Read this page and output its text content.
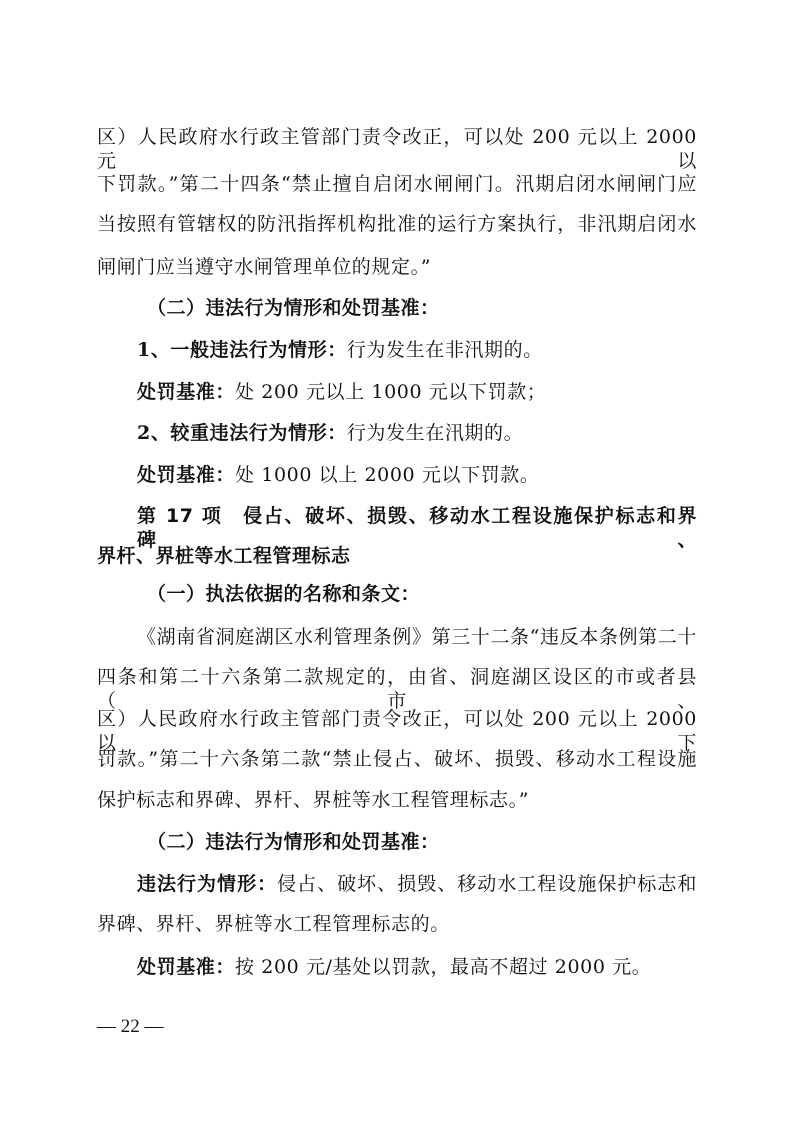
区）人民政府水行政主管部门责令改正，可以处 200 元以上 2000 元以
下罚款。”第二十四条“禁止擅自启闭水闸闸门。汛期启闭水闸闸门应
当按照有管辖权的防汛指挥机构批准的运行方案执行，非汛期启闭水
闸闸门应当遵守水闸管理单位的规定。”
（二）违法行为情形和处罚基准：
1、一般违法行为情形：行为发生在非汛期的。
处罚基准：处 200 元以上 1000 元以下罚款；
2、较重违法行为情形：行为发生在汛期的。
处罚基准：处 1000 以上 2000 元以下罚款。
第 17 项　侵占、破坏、损毁、移动水工程设施保护标志和界碑、
界杆、界桩等水工程管理标志
（一）执法依据的名称和条文：
《湖南省洞庭湖区水利管理条例》第三十二条“违反本条例第二十
四条和第二十六条第二款规定的，由省、洞庭湖区设区的市或者县（市、
区）人民政府水行政主管部门责令改正，可以处 200 元以上 2000 以下
罚款。”第二十六条第二款“禁止侵占、破坏、损毁、移动水工程设施
保护标志和界碑、界杆、界桩等水工程管理标志。”
（二）违法行为情形和处罚基准：
违法行为情形：侵占、破坏、损毁、移动水工程设施保护标志和
界碑、界杆、界桩等水工程管理标志的。
处罚基准：按 200 元/基处以罚款，最高不超过 2000 元。
— 22 —
